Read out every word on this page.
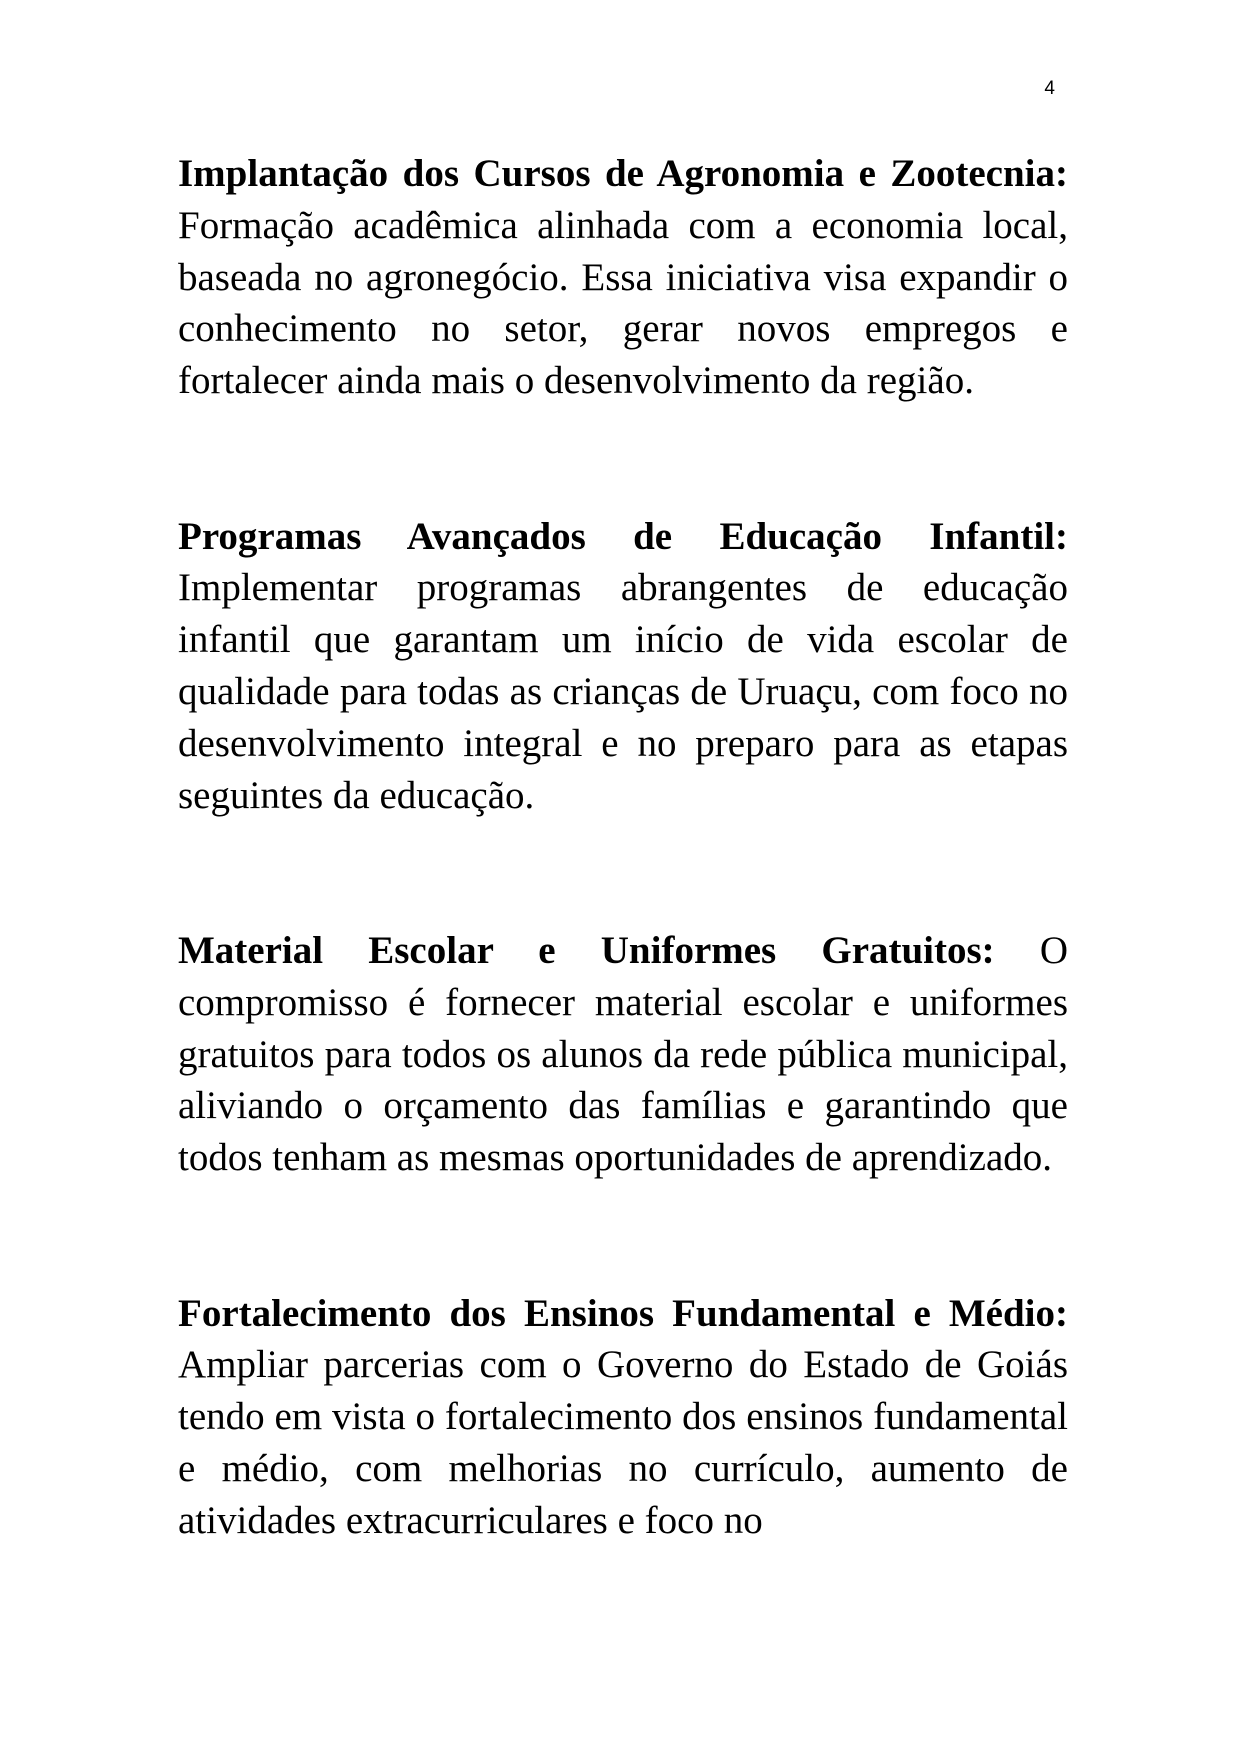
4

Implantação dos Cursos de Agronomia e Zootecnia: Formação acadêmica alinhada com a economia local, baseada no agronegócio. Essa iniciativa visa expandir o conhecimento no setor, gerar novos empregos e fortalecer ainda mais o desenvolvimento da região.

Programas Avançados de Educação Infantil: Implementar programas abrangentes de educação infantil que garantam um início de vida escolar de qualidade para todas as crianças de Uruaçu, com foco no desenvolvimento integral e no preparo para as etapas seguintes da educação.

Material Escolar e Uniformes Gratuitos: O compromisso é fornecer material escolar e uniformes gratuitos para todos os alunos da rede pública municipal, aliviando o orçamento das famílias e garantindo que todos tenham as mesmas oportunidades de aprendizado.

Fortalecimento dos Ensinos Fundamental e Médio: Ampliar parcerias com o Governo do Estado de Goiás tendo em vista o fortalecimento dos ensinos fundamental e médio, com melhorias no currículo, aumento de atividades extracurriculares e foco no
